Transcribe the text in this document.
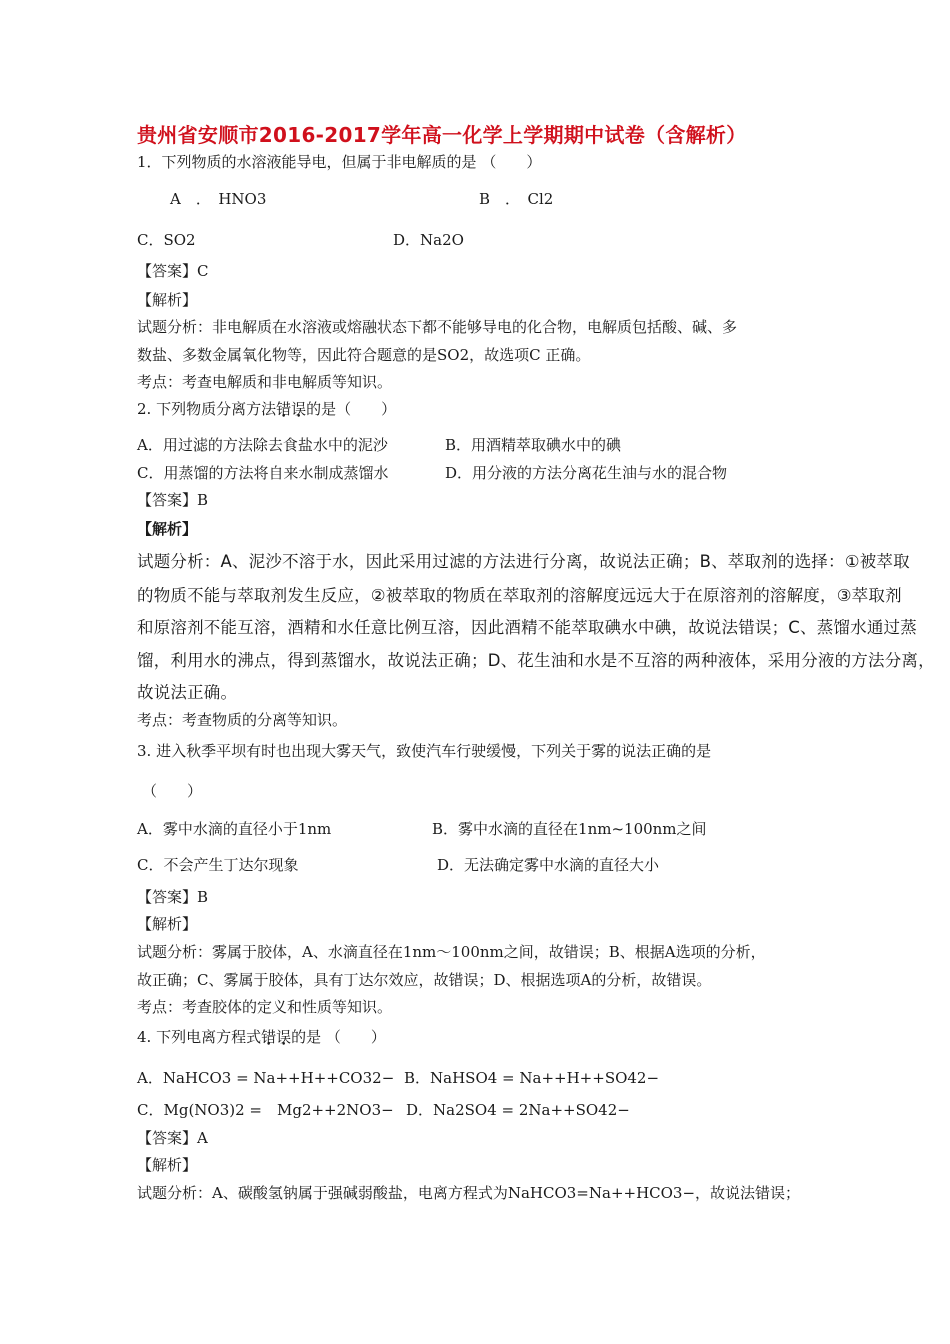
贵州省安顺市2016-2017学年高一化学上学期期中试卷（含解析）
1．下列物质的水溶液能导电，但属于非电解质的是 （　　）
A　．　HNO3	B　．　Cl2
C．SO2	D．Na2O
【答案】C
【解析】
试题分析：非电解质在水溶液或熔融状态下都不能够导电的化合物，电解质包括酸、碱、多
数盐、多数金属氧化物等，因此符合题意的是SO2，故选项C 正确。
考点：考查电解质和非电解质等知识。
2. 下列物质分离方法错误的是（　　）
A．用过滤的方法除去食盐水中的泥沙	B．用酒精萃取碘水中的碘
C．用蒸馏的方法将自来水制成蒸馏水	D．用分液的方法分离花生油与水的混合物
【答案】B
【解析】
试题分析：A、泥沙不溶于水，因此采用过滤的方法进行分离，故说法正确；B、萃取剂的选择：①被萃取
的物质不能与萃取剂发生反应，②被萃取的物质在萃取剂的溶解度远远大于在原溶剂的溶解度，③萃取剂
和原溶剂不能互溶，酒精和水任意比例互溶，因此酒精不能萃取碘水中碘，故说法错误；C、蒸馏水通过蒸
馏，利用水的沸点，得到蒸馏水，故说法正确；D、花生油和水是不互溶的两种液体，采用分液的方法分离，
故说法正确。
考点：考查物质的分离等知识。
3. 进入秋季平坝有时也出现大雾天气，致使汽车行驶缓慢，下列关于雾的说法正确的是
（　　）
A．雾中水滴的直径小于1nm	B．雾中水滴的直径在1nm~100nm之间
C．不会产生丁达尔现象	D．无法确定雾中水滴的直径大小
【答案】B
【解析】
试题分析：雾属于胶体，A、水滴直径在1nm～100nm之间，故错误；B、根据A选项的分析，
故正确；C、雾属于胶体，具有丁达尔效应，故错误；D、根据选项A的分析，故错误。
考点：考查胶体的定义和性质等知识。
4. 下列电离方程式错误的是 （　　）
A．NaHCO3 = Na++H++CO32− B．NaHSO4 = Na++H++SO42−
C．Mg(NO3)2 =　Mg2++2NO3− D．Na2SO4 = 2Na++SO42−
【答案】A
【解析】
试题分析：A、碳酸氢钠属于强碱弱酸盐，电离方程式为NaHCO3=Na++HCO3−，故说法错误；
